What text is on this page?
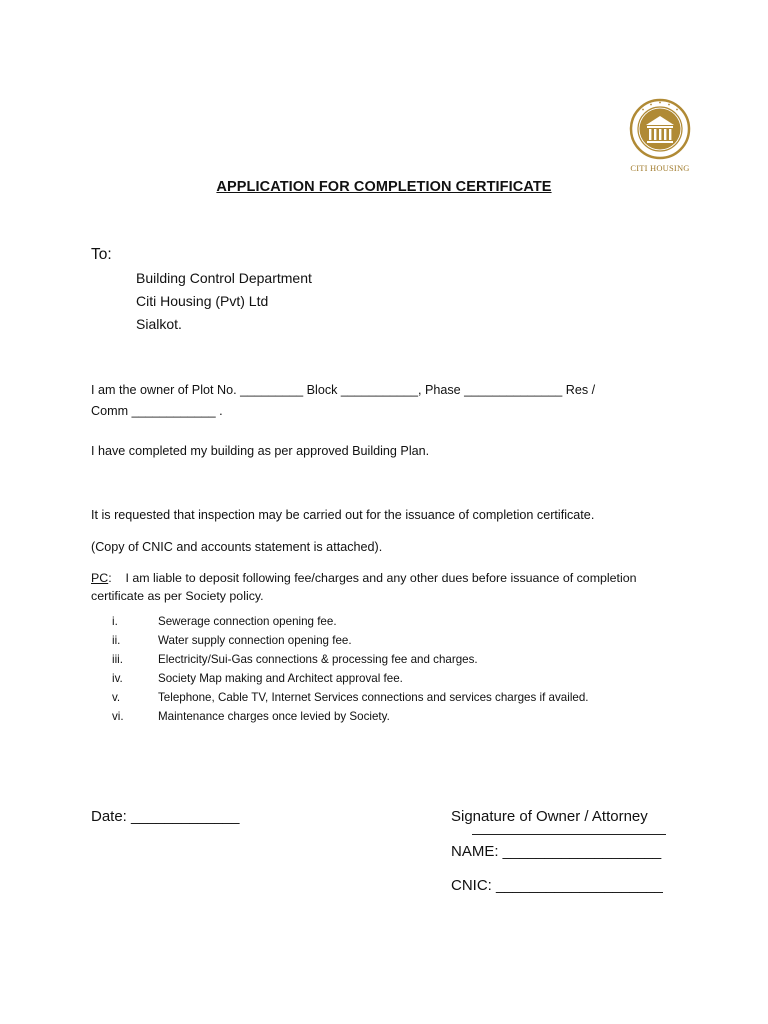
CITI HOUSING
APPLICATION FOR COMPLETION CERTIFICATE
To:
Building Control Department
Citi Housing (Pvt) Ltd
Sialkot.
I am the owner of Plot No. _________ Block ___________, Phase ______________ Res /
Comm ____________ .
I have completed my building as per approved Building Plan.
It is requested that inspection may be carried out for the issuance of completion certificate.
(Copy of CNIC and accounts statement is attached).
PC: I am liable to deposit following fee/charges and any other dues before issuance of completion certificate as per Society policy.
i.	Sewerage connection opening fee.
ii.	Water supply connection opening fee.
iii.	Electricity/Sui-Gas connections & processing fee and charges.
iv.	Society Map making and Architect approval fee.
v.	Telephone, Cable TV, Internet Services connections and services charges if availed.
vi.	Maintenance charges once levied by Society.
Date: _____________	Signature of Owner / Attorney
NAME: ___________________
CNIC: ____________________
